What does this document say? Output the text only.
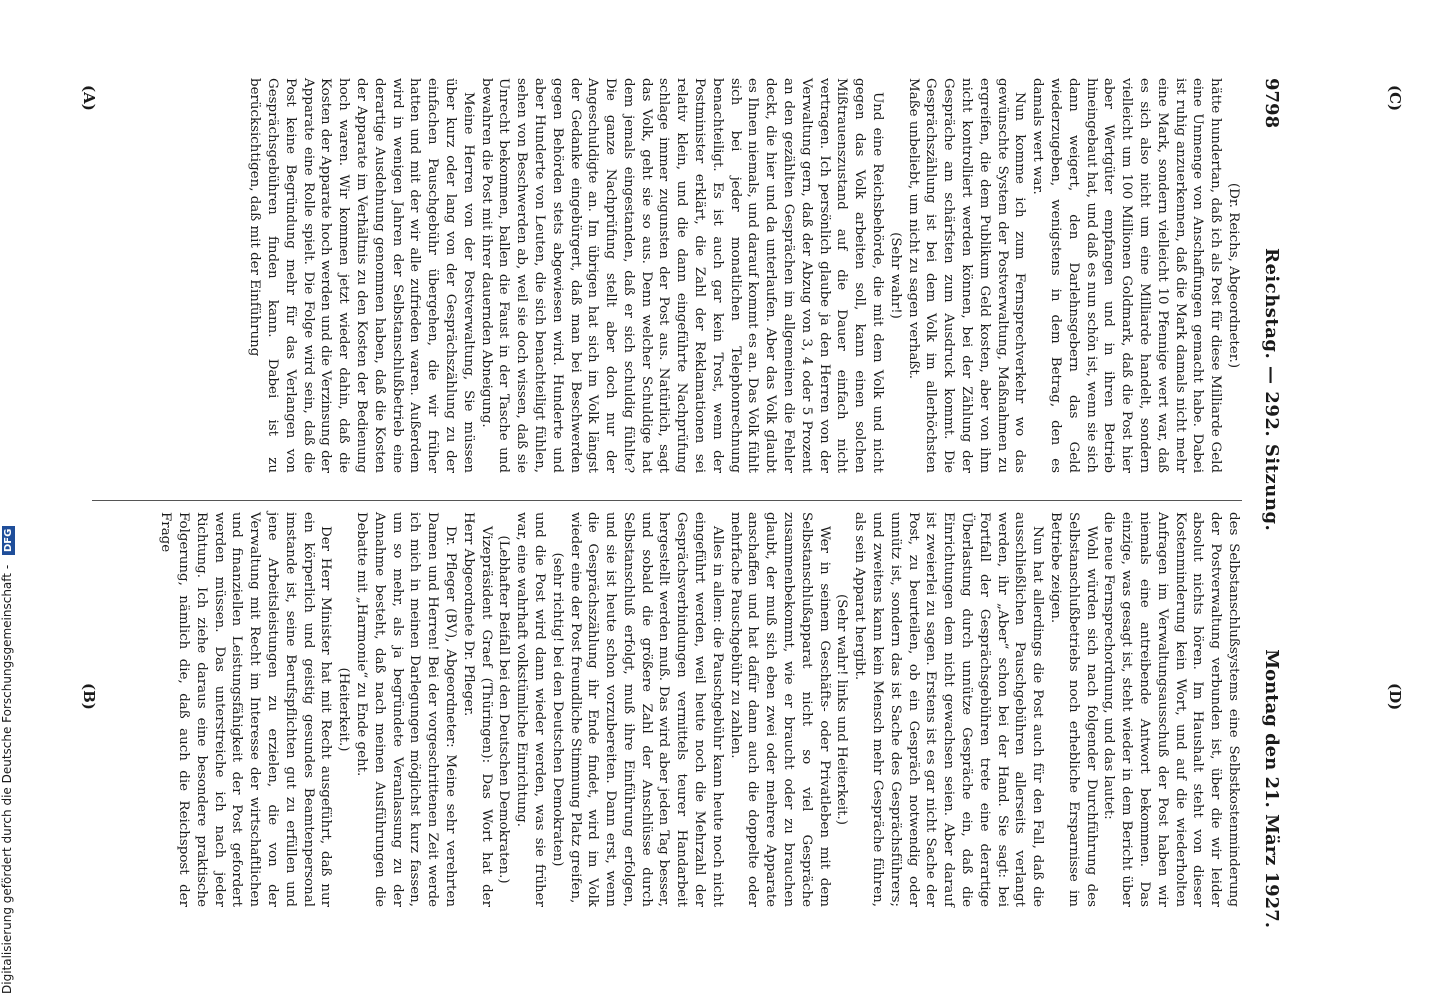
9798
Reichstag. — 292. Sitzung.
Montag den 21. März 1927.

(Dr. Reichs, Abgeordneter.)

hätte hundertan, daß ich als Post für diese Milliarde Geld eine Unmenge von Anschaffungen gemacht habe. Dabei ist ruhig anzuerkennen, daß die Mark damals nicht mehr eine Mark, sondern vielleicht 10 Pfennige wert war, daß es sich also nicht um eine Milliarde handelt, sondern vielleicht um 100 Millionen Goldmark, daß die Post hier aber Wertgüter empfangen und in ihren Betrieb hineingebaut hat, und daß es nun schön ist, wenn sie sich dann weigert, den Darlehnsgebern das Geld wiederzugeben, wenigstens in dem Betrag, den es damals wert war.

Nun komme ich zum Fernsprechverkehr wo das gewünschte System der Postverwaltung, Maßnahmen zu ergreifen, die dem Publikum Geld kosten, aber von ihm nicht kontrolliert werden können, bei der Zählung der Gespräche am schärfsten zum Ausdruck kommt. Die Gesprächszählung ist bei dem Volk im allerhöchsten Maße unbeliebt, um nicht zu sagen verhaßt.

(Sehr wahr!)

Und eine Reichsbehörde, die mit dem Volk und nicht gegen das Volk arbeiten soll, kann einen solchen Mißtrauenszustand auf die Dauer einfach nicht vertragen. Ich persönlich glaube ja den Herren von der Verwaltung gern, daß der Abzug von 3, 4 oder 5 Prozent an den gezählten Gesprächen im allgemeinen die Fehler deckt, die hier und da unterlaufen. Aber das Volk glaubt es Ihnen niemals, und darauf kommt es an. Das Volk fühlt sich bei jeder monatlichen Telephonrechnung benachteiligt. Es ist auch gar kein Trost, wenn der Postminister erklärt, die Zahl der Reklamationen sei relativ klein, und die dann eingeführte Nachprüfung schlage immer zugunsten der Post aus. Natürlich, sagt das Volk, geht sie so aus. Denn welcher Schuldige hat dem jemals eingestanden, daß er sich schuldig fühlte? Die ganze Nachprüfung stellt aber doch nur der Angeschuldigte an. Im übrigen hat sich im Volk längst der Gedanke eingebürgert, daß man bei Beschwerden gegen Behörden stets abgewiesen wird. Hunderte und aber Hunderte von Leuten, die sich benachteiligt fühlen, sehen von Beschwerden ab, weil sie doch wissen, daß sie Unrecht bekommen, ballen die Faust in der Tasche und bewahren die Post mit ihrer dauernden Abneigung.

Meine Herren von der Postverwaltung, Sie müssen über kurz oder lang von der Gesprächszählung zu der einfachen Pauschgebühr übergehen, die wir früher hatten und mit der wir alle zufrieden waren. Außerdem wird in wenigen Jahren der Selbstanschlußbetrieb eine derartige Ausdehnung genommen haben, daß die Kosten der Apparate im Verhältnis zu den Kosten der Bedienung hoch waren. Wir kommen jetzt wieder dahin, daß die Kosten der Apparate hoch werden und die Verzinsung der Apparate eine Rolle spielt. Die Folge wird sein, daß die Post keine Begründung mehr für das Verlangen von Gesprächsgebühren finden kann. Dabei ist zu berücksichtigen, daß mit der Einführung

des Selbstanschlußsystems eine Selbstkostenminderung der Postverwaltung verbunden ist, über die wir leider absolut nichts hören. Im Haushalt steht von dieser Kostenminderung kein Wort, und auf die wiederholten Anfragen im Verwaltungsausschuß der Post haben wir niemals eine antreibende Antwort bekommen. Das einzige, was gesagt ist, steht wieder in dem Bericht über die neue Fernsprechordnung, und das lautet:

Wohl würden sich nach folgender Durchführung des Selbstanschlußbetriebs noch erhebliche Ersparnisse im Betriebe zeigen.

Nun hat allerdings die Post auch für den Fall, daß die ausschließlichen Pauschgebühren allerseits verlangt werden, ihr „Aber“ schon bei der Hand. Sie sagt: bei Fortfall der Gesprächsgebühren trete eine derartige Überlastung durch unnütze Gespräche ein, daß die Einrichtungen dem nicht gewachsen seien. Aber darauf ist zweierlei zu sagen. Erstens ist es gar nicht Sache der Post, zu beurteilen, ob ein Gespräch notwendig oder unnütz ist, sondern das ist Sache des Gesprächsführers; und zweitens kann kein Mensch mehr Gespräche führen, als sein Apparat hergibt.

(Sehr wahr! links und Heiterkeit.)

Wer in seinem Geschäfts- oder Privatleben mit dem Selbstanschlußapparat nicht so viel Gespräche zusammenbekommt, wie er braucht oder zu brauchen glaubt, der muß sich eben zwei oder mehrere Apparate anschaffen und hat dafür dann auch die doppelte oder mehrfache Pauschgebühr zu zahlen.

Alles in allem: die Pauschgebühr kann heute noch nicht eingeführt werden, weil heute noch die Mehrzahl der Gesprächsverbindungen vermittels teurer Handarbeit hergestellt werden muß. Das wird aber jeden Tag besser, und sobald die größere Zahl der Anschlüsse durch Selbstanschluß erfolgt, muß ihre Einführung erfolgen, und sie ist heute schon vorzubereiten. Dann erst, wenn die Gesprächszählung ihr Ende findet, wird im Volk wieder eine der Post freundliche Stimmung Platz greifen,

(sehr richtig! bei den Deutschen Demokraten)

und die Post wird dann wieder werden, was sie früher war, eine wahrhaft volkstümliche Einrichtung.

(Lebhafter Beifall bei den Deutschen Demokraten.)

Vizepräsident Graef (Thüringen): Das Wort hat der Herr Abgeordnete Dr. Pfleger.

Dr. Pfleger (BV), Abgeordneter: Meine sehr verehrten Damen und Herren! Bei der vorgeschrittenen Zeit werde ich mich in meinen Darlegungen möglichst kurz fassen, um so mehr, als ja begründete Veranlassung zu der Annahme besteht, daß nach meinen Ausführungen die Debatte mit „Harmonie“ zu Ende geht.

(Heiterkeit.)

Der Herr Minister hat mit Recht ausgeführt, daß nur ein körperlich und geistig gesundes Beamtenpersonal imstande ist, seine Berufspflichten gut zu erfüllen und jene Arbeitsleistungen zu erzielen, die von der Verwaltung mit Recht im Interesse der wirtschaftlichen und finanziellen Leistungsfähigkeit der Post gefordert werden müssen. Das unterstreiche ich nach jeder Richtung. Ich ziehe daraus eine besondere praktische Folgerung, nämlich die, daß auch die Reichspost der Frage

(A)
(B)
(C)
(D)
Digitalisierung gefördert durch die Deutsche Forschungsgemeinschaft - DFG
